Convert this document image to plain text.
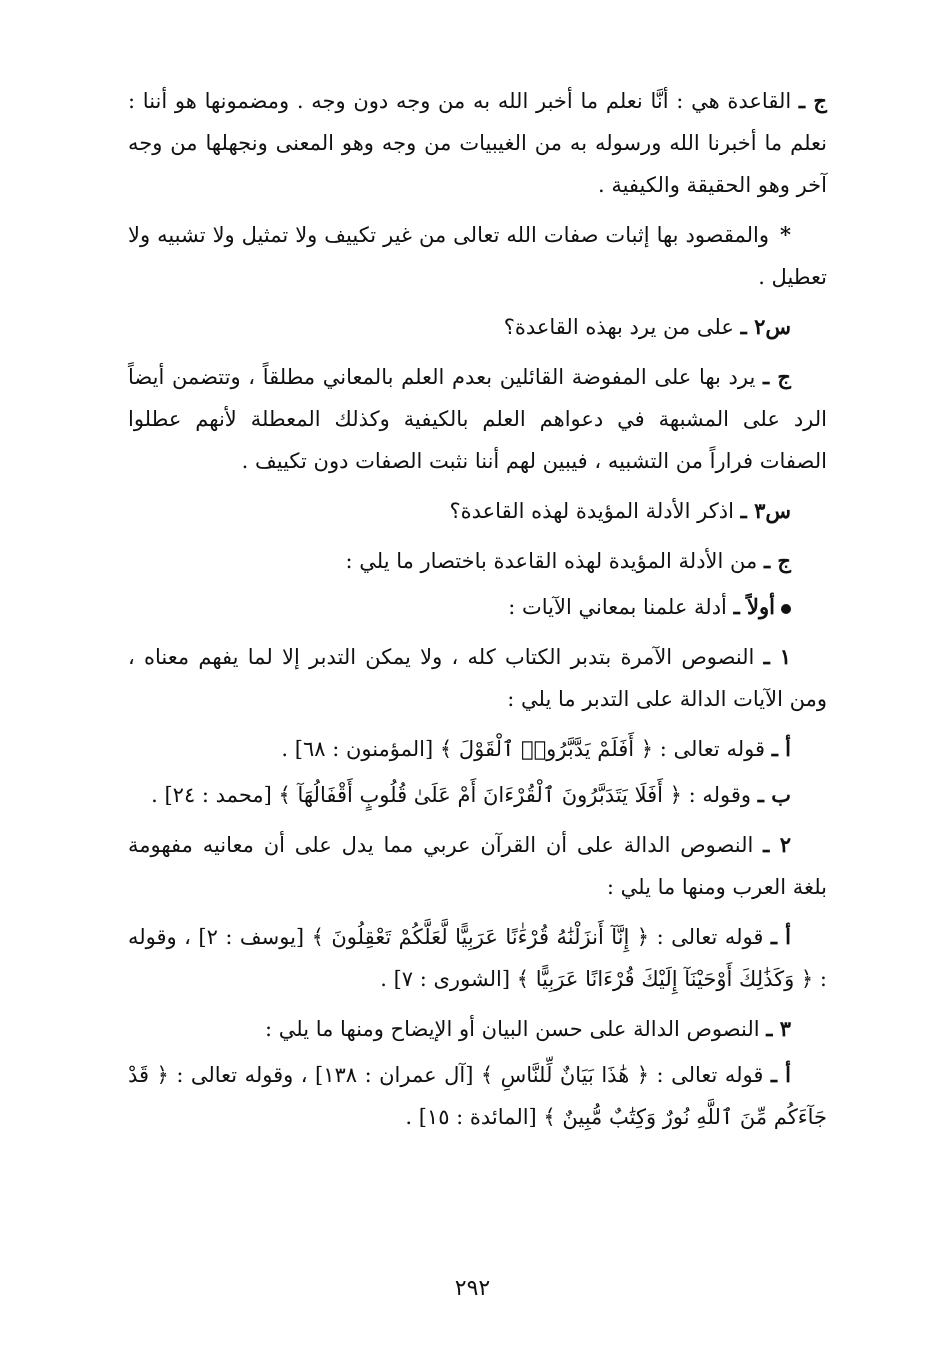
ج ـ القاعدة هي : أنَّا نعلم ما أخبر الله به من وجه دون وجه . ومضمونها هو أننا : نعلم ما أخبرنا الله ورسوله به من الغيبيات من وجه وهو المعنى ونجهلها من وجه آخر وهو الحقيقة والكيفية .

* والمقصود بها إثبات صفات الله تعالى من غير تكييف ولا تمثيل ولا تشبيه ولا تعطيل .

س٢ ـ على من يرد بهذه القاعدة؟

ج ـ يرد بها على المفوضة القائلين بعدم العلم بالمعاني مطلقاً ، وتتضمن أيضاً الرد على المشبهة في دعواهم العلم بالكيفية وكذلك المعطلة لأنهم عطلوا الصفات فراراً من التشبيه ، فيبين لهم أننا نثبت الصفات دون تكييف .

س٣ ـ اذكر الأدلة المؤيدة لهذه القاعدة؟

ج ـ من الأدلة المؤيدة لهذه القاعدة باختصار ما يلي :

أولاً ـ أدلة علمنا بمعاني الآيات :

١ ـ النصوص الآمرة بتدبر الكتاب كله ، ولا يمكن التدبر إلا لما يفهم معناه ، ومن الآيات الدالة على التدبر ما يلي :

أ ـ قوله تعالى : ﴿ أَفَلَمْ يَدَّبَّرُوا۟ ٱلْقَوْلَ ﴾ [المؤمنون : ٦٨] .

ب ـ وقوله : ﴿ أَفَلَا يَتَدَبَّرُونَ ٱلْقُرْءَانَ أَمْ عَلَىٰ قُلُوبٍ أَقْفَالُهَآ ﴾ [محمد : ٢٤] .

٢ ـ النصوص الدالة على أن القرآن عربي مما يدل على أن معانيه مفهومة بلغة العرب ومنها ما يلي :

أ ـ قوله تعالى : ﴿ إِنَّآ أَنزَلْنَٰهُ قُرْءَٰنًا عَرَبِيًّا لَّعَلَّكُمْ تَعْقِلُونَ ﴾ [يوسف : ٢] ، وقوله : ﴿ وَكَذَٰلِكَ أَوْحَيْنَآ إِلَيْكَ قُرْءَانًا عَرَبِيًّا ﴾ [الشورى : ٧] .

٣ ـ النصوص الدالة على حسن البيان أو الإيضاح ومنها ما يلي :

أ ـ قوله تعالى : ﴿ هَٰذَا بَيَانٌ لِّلنَّاسِ ﴾ [آل عمران : ١٣٨] ، وقوله تعالى : ﴿ قَدْ جَآءَكُم مِّنَ ٱللَّهِ نُورٌ وَكِتَٰبٌ مُّبِينٌ ﴾ [المائدة : ١٥] .

٢٩٢
